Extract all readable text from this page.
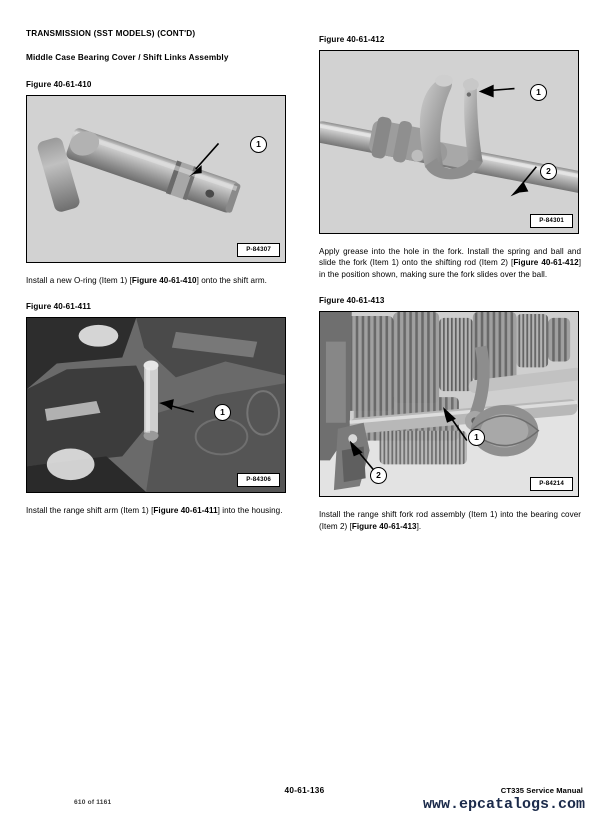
TRANSMISSION (SST MODELS) (CONT'D)
Middle Case Bearing Cover / Shift Links Assembly
Figure 40-61-410
1
P-84307
Install a new O-ring (Item 1) [Figure 40-61-410] onto the shift arm.
Figure 40-61-411
1
P-84306
Install the range shift arm (Item 1) [Figure 40-61-411] into the housing.
Figure 40-61-412
1
2
P-84301
Apply grease into the hole in the fork. Install the spring and ball and slide the fork (Item 1) onto the shifting rod (Item 2) [Figure 40-61-412] in the position shown, making sure the fork slides over the ball.
Figure 40-61-413
1
2
P-84214
Install the range shift fork rod assembly (Item 1) into the bearing cover (Item 2) [Figure 40-61-413].
610 of 1161
40-61-136	CT335 Service Manual
www.epcatalogs.com
